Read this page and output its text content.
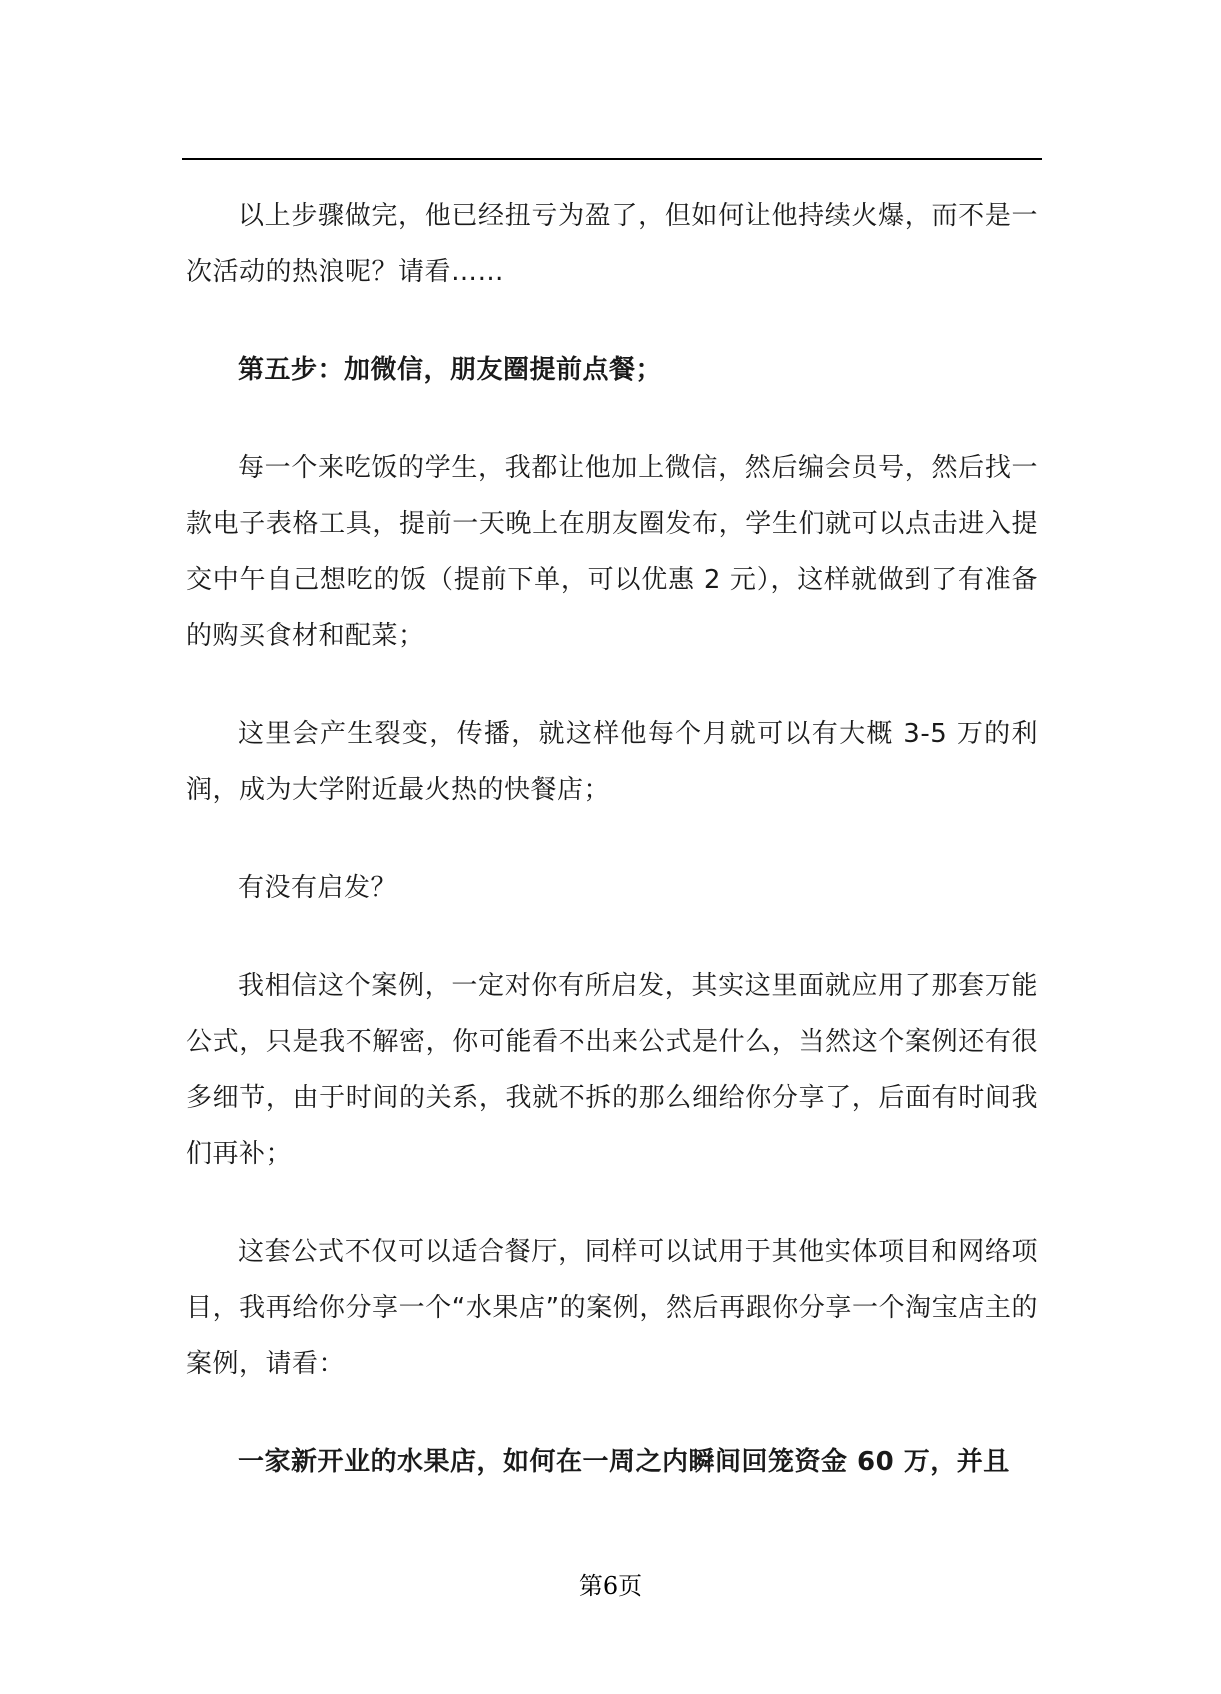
以上步骤做完，他已经扭亏为盈了，但如何让他持续火爆，而不是一次活动的热浪呢？请看……

第五步：加微信，朋友圈提前点餐；

每一个来吃饭的学生，我都让他加上微信，然后编会员号，然后找一款电子表格工具，提前一天晚上在朋友圈发布，学生们就可以点击进入提交中午自己想吃的饭（提前下单，可以优惠 2 元），这样就做到了有准备的购买食材和配菜；

这里会产生裂变，传播，就这样他每个月就可以有大概 3-5 万的利润，成为大学附近最火热的快餐店；

有没有启发？

我相信这个案例，一定对你有所启发，其实这里面就应用了那套万能公式，只是我不解密，你可能看不出来公式是什么，当然这个案例还有很多细节，由于时间的关系，我就不拆的那么细给你分享了，后面有时间我们再补；

这套公式不仅可以适合餐厅，同样可以试用于其他实体项目和网络项目，我再给你分享一个“水果店”的案例，然后再跟你分享一个淘宝店主的案例，请看：

一家新开业的水果店，如何在一周之内瞬间回笼资金 60 万，并且

第6页
